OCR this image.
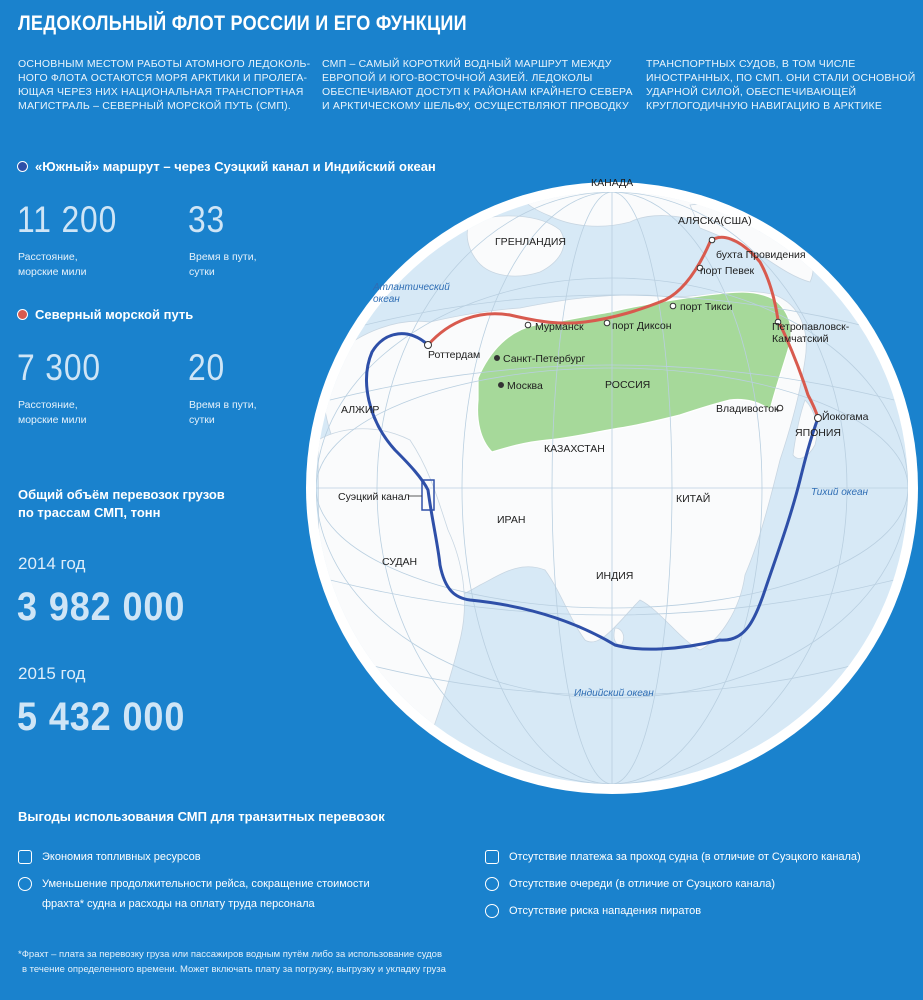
ЛЕДОКОЛЬНЫЙ ФЛОТ РОССИИ И ЕГО ФУНКЦИИ
ОСНОВНЫМ МЕСТОМ РАБОТЫ АТОМНОГО ЛЕДОКОЛЬ-
НОГО ФЛОТА ОСТАЮТСЯ МОРЯ АРКТИКИ И ПРОЛЕГА-
ЮЩАЯ ЧЕРЕЗ НИХ НАЦИОНАЛЬНАЯ ТРАНСПОРТНАЯ
МАГИСТРАЛЬ – СЕВЕРНЫЙ МОРСКОЙ ПУТЬ (СМП).
СМП – САМЫЙ КОРОТКИЙ ВОДНЫЙ МАРШРУТ МЕЖДУ
ЕВРОПОЙ И ЮГО-ВОСТОЧНОЙ АЗИЕЙ. ЛЕДОКОЛЫ
ОБЕСПЕЧИВАЮТ ДОСТУП К РАЙОНАМ КРАЙНЕГО СЕВЕРА
И АРКТИЧЕСКОМУ ШЕЛЬФУ, ОСУЩЕСТВЛЯЮТ ПРОВОДКУ
ТРАНСПОРТНЫХ СУДОВ, В ТОМ ЧИСЛЕ
ИНОСТРАННЫХ, ПО СМП. ОНИ СТАЛИ ОСНОВНОЙ
УДАРНОЙ СИЛОЙ, ОБЕСПЕЧИВАЮЩЕЙ
КРУГЛОГОДИЧНУЮ НАВИГАЦИЮ В АРКТИКЕ
КАНАДА
АЛЯСКА(США)
ГРЕНЛАНДИЯ
бухта Провидения
порт Певек
порт Тикси
Мурманск	порт Диксон	Петропавловск-
Камчатский
Роттердам Санкт-Петербург
Москва	РОССИЯ
Владивосток
Йокогама
ЯПОНИЯ
АЛЖИР
КАЗАХСТАН
Суэцкий канал	КИТАЙ
ИРАН
СУДАН
ИНДИЯ
Атлантический
океан
Тихий океан
Индийский океан
«Южный» маршрут – через Суэцкий канал и Индийский океан
11 200
Расстояние,
морские мили
33
Время в пути,
сутки
Северный морской путь
7 300
Расстояние,
морские мили
20
Время в пути,
сутки
Общий объём перевозок грузов
по трассам СМП, тонн
2014 год
3 982 000
2015 год
5 432 000
Выгоды использования СМП для транзитных перевозок
Экономия топливных ресурсов
Уменьшение продолжительности рейса, сокращение стоимости
фрахта* судна и расходы на оплату труда персонала
Отсутствие платежа за проход судна (в отличие от Суэцкого канала)
Отсутствие очереди (в отличие от Суэцкого канала)
Отсутствие риска нападения пиратов
*Фрахт – плата за перевозку груза или пассажиров водным путём либо за использование судов
в течение определенного времени. Может включать плату за погрузку, выгрузку и укладку груза
